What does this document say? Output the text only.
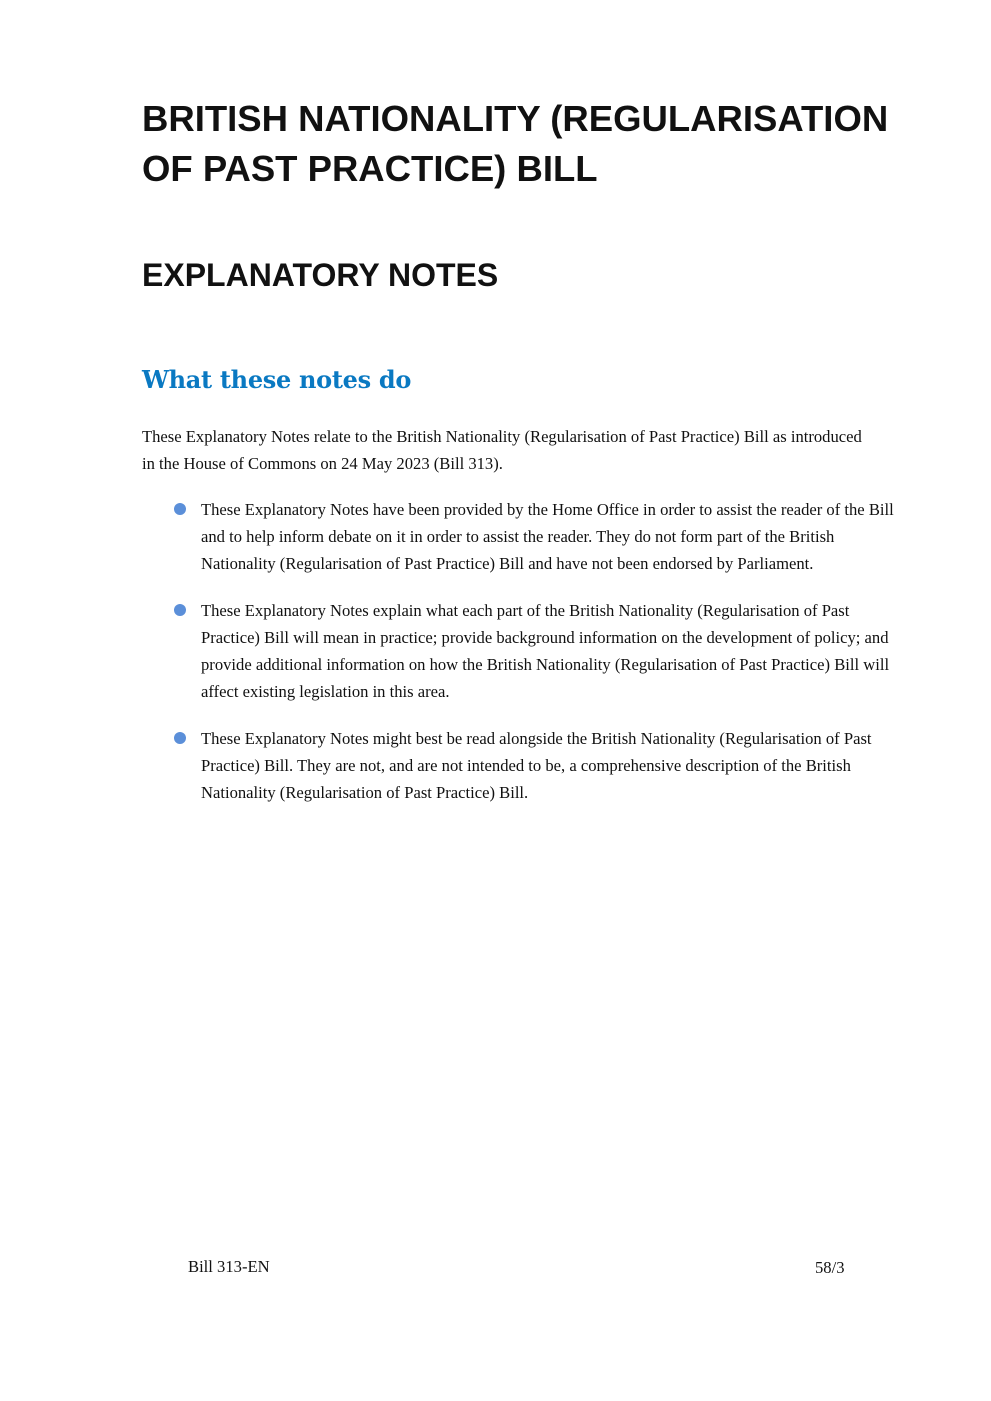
BRITISH NATIONALITY (REGULARISATION OF PAST PRACTICE) BILL
EXPLANATORY NOTES
What these notes do

These Explanatory Notes relate to the British Nationality (Regularisation of Past Practice) Bill as introduced in the House of Commons on 24 May 2023 (Bill 313).

These Explanatory Notes have been provided by the Home Office in order to assist the reader of the Bill and to help inform debate on it in order to assist the reader. They do not form part of the British Nationality (Regularisation of Past Practice) Bill and have not been endorsed by Parliament.
These Explanatory Notes explain what each part of the British Nationality (Regularisation of Past Practice) Bill will mean in practice; provide background information on the development of policy; and provide additional information on how the British Nationality (Regularisation of Past Practice) Bill will affect existing legislation in this area.
These Explanatory Notes might best be read alongside the British Nationality (Regularisation of Past Practice) Bill. They are not, and are not intended to be, a comprehensive description of the British Nationality (Regularisation of Past Practice) Bill.
Bill 313-EN	58/3
